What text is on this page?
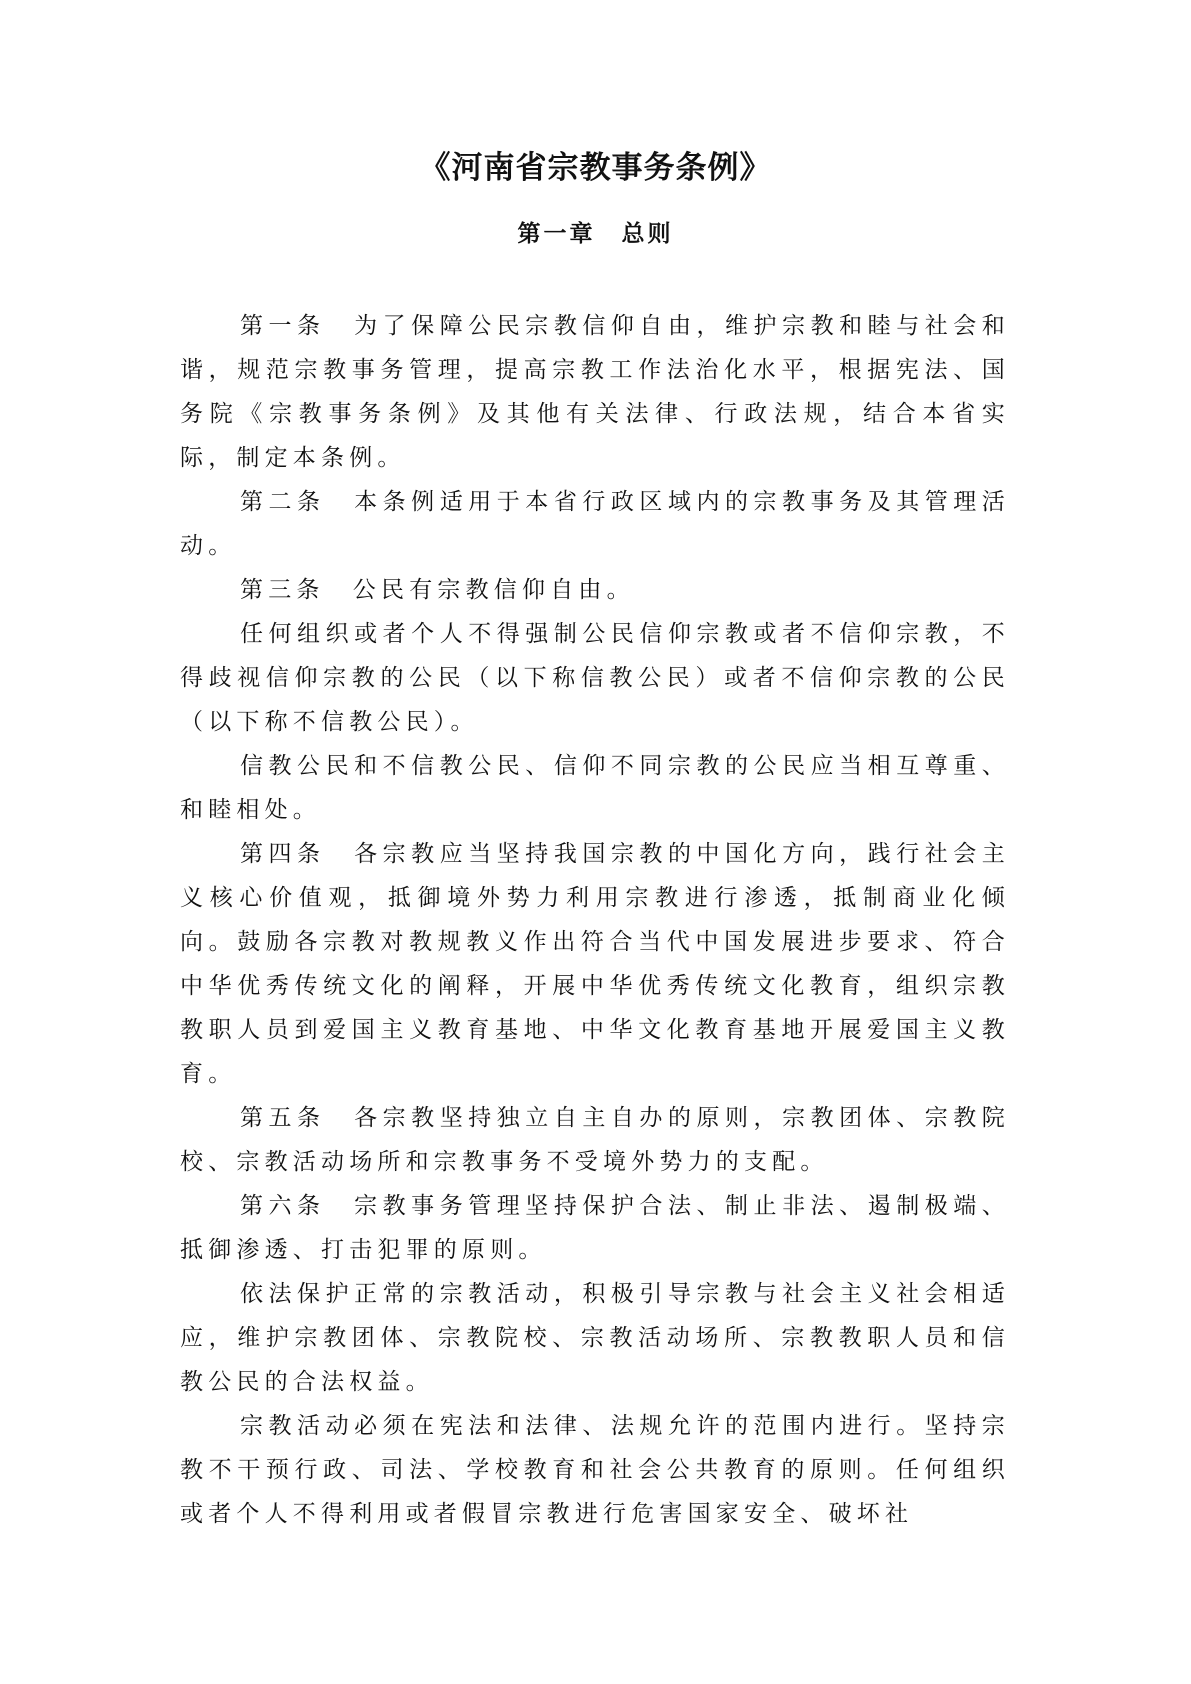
《河南省宗教事务条例》
第一章　总则

第一条　为了保障公民宗教信仰自由，维护宗教和睦与社会和谐，规范宗教事务管理，提高宗教工作法治化水平，根据宪法、国务院《宗教事务条例》及其他有关法律、行政法规，结合本省实际，制定本条例。

第二条　本条例适用于本省行政区域内的宗教事务及其管理活动。

第三条　公民有宗教信仰自由。

任何组织或者个人不得强制公民信仰宗教或者不信仰宗教，不得歧视信仰宗教的公民（以下称信教公民）或者不信仰宗教的公民（以下称不信教公民）。

信教公民和不信教公民、信仰不同宗教的公民应当相互尊重、和睦相处。

第四条　各宗教应当坚持我国宗教的中国化方向，践行社会主义核心价值观，抵御境外势力利用宗教进行渗透，抵制商业化倾向。鼓励各宗教对教规教义作出符合当代中国发展进步要求、符合中华优秀传统文化的阐释，开展中华优秀传统文化教育，组织宗教教职人员到爱国主义教育基地、中华文化教育基地开展爱国主义教育。

第五条　各宗教坚持独立自主自办的原则，宗教团体、宗教院校、宗教活动场所和宗教事务不受境外势力的支配。

第六条　宗教事务管理坚持保护合法、制止非法、遏制极端、抵御渗透、打击犯罪的原则。

依法保护正常的宗教活动，积极引导宗教与社会主义社会相适应，维护宗教团体、宗教院校、宗教活动场所、宗教教职人员和信教公民的合法权益。

宗教活动必须在宪法和法律、法规允许的范围内进行。坚持宗教不干预行政、司法、学校教育和社会公共教育的原则。任何组织或者个人不得利用或者假冒宗教进行危害国家安全、破坏社
